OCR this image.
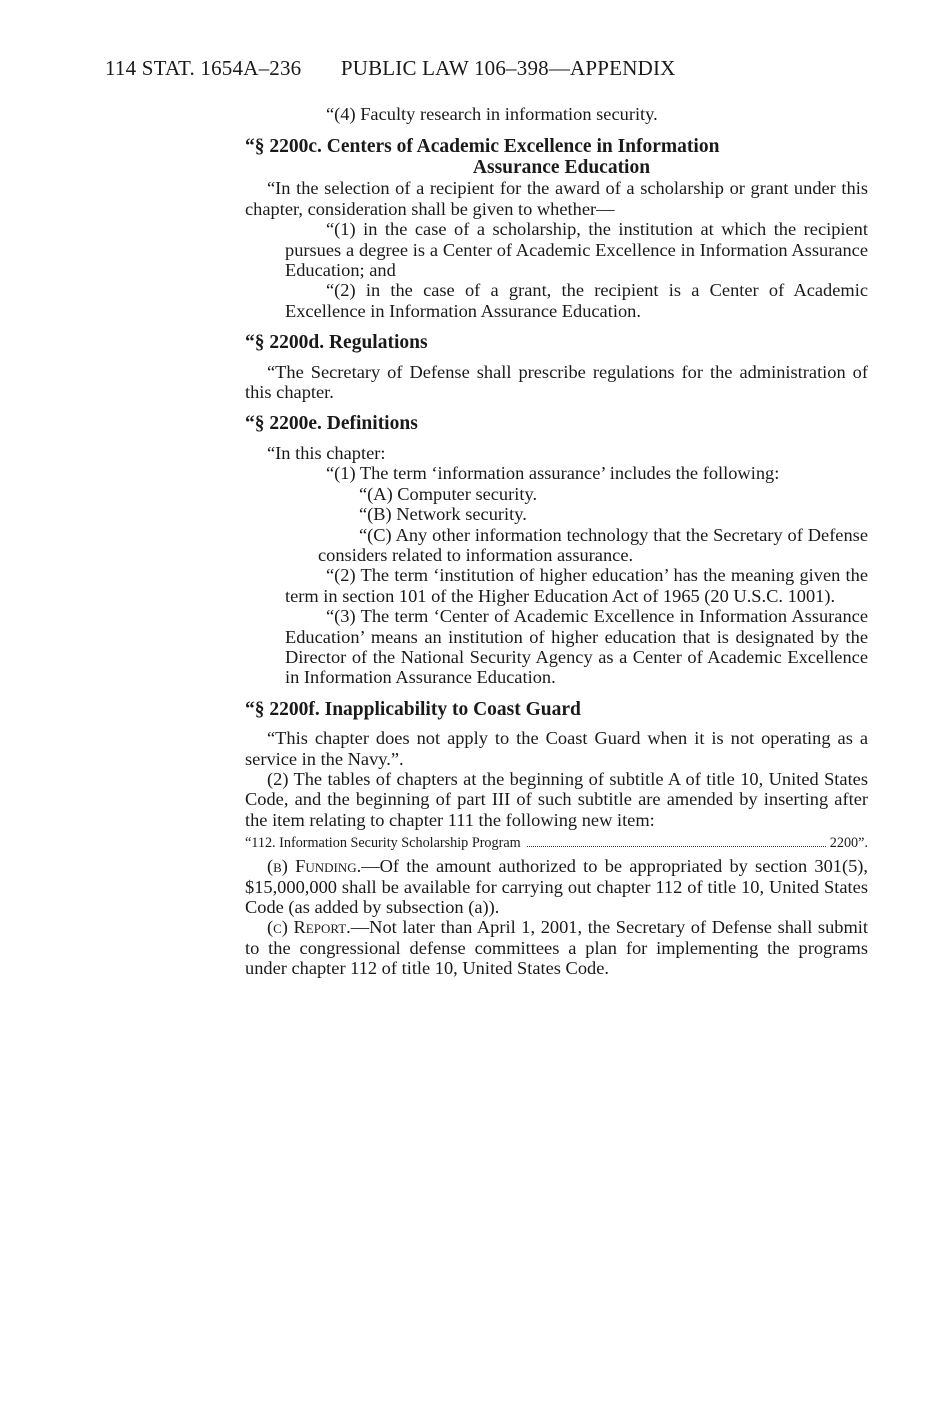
114 STAT. 1654A–236 PUBLIC LAW 106–398—APPENDIX

“(4) Faculty research in information security.

“§ 2200c. Centers of Academic Excellence in Information
Assurance Education

“In the selection of a recipient for the award of a scholarship or grant under this chapter, consideration shall be given to whether—

“(1) in the case of a scholarship, the institution at which the recipient pursues a degree is a Center of Academic Excellence in Information Assurance Education; and

“(2) in the case of a grant, the recipient is a Center of Academic Excellence in Information Assurance Education.

“§ 2200d. Regulations

“The Secretary of Defense shall prescribe regulations for the administration of this chapter.

“§ 2200e. Definitions

“In this chapter:

“(1) The term ‘information assurance’ includes the following:

“(A) Computer security.

“(B) Network security.

“(C) Any other information technology that the Secretary of Defense considers related to information assurance.

“(2) The term ‘institution of higher education’ has the meaning given the term in section 101 of the Higher Education Act of 1965 (20 U.S.C. 1001).

“(3) The term ‘Center of Academic Excellence in Information Assurance Education’ means an institution of higher education that is designated by the Director of the National Security Agency as a Center of Academic Excellence in Information Assurance Education.

“§ 2200f. Inapplicability to Coast Guard

“This chapter does not apply to the Coast Guard when it is not operating as a service in the Navy.”.

(2) The tables of chapters at the beginning of subtitle A of title 10, United States Code, and the beginning of part III of such subtitle are amended by inserting after the item relating to chapter 111 the following new item:

“112. Information Security Scholarship Program	2200”.

(b) Funding.—Of the amount authorized to be appropriated by section 301(5), $15,000,000 shall be available for carrying out chapter 112 of title 10, United States Code (as added by subsection (a)).

(c) Report.—Not later than April 1, 2001, the Secretary of Defense shall submit to the congressional defense committees a plan for implementing the programs under chapter 112 of title 10, United States Code.
